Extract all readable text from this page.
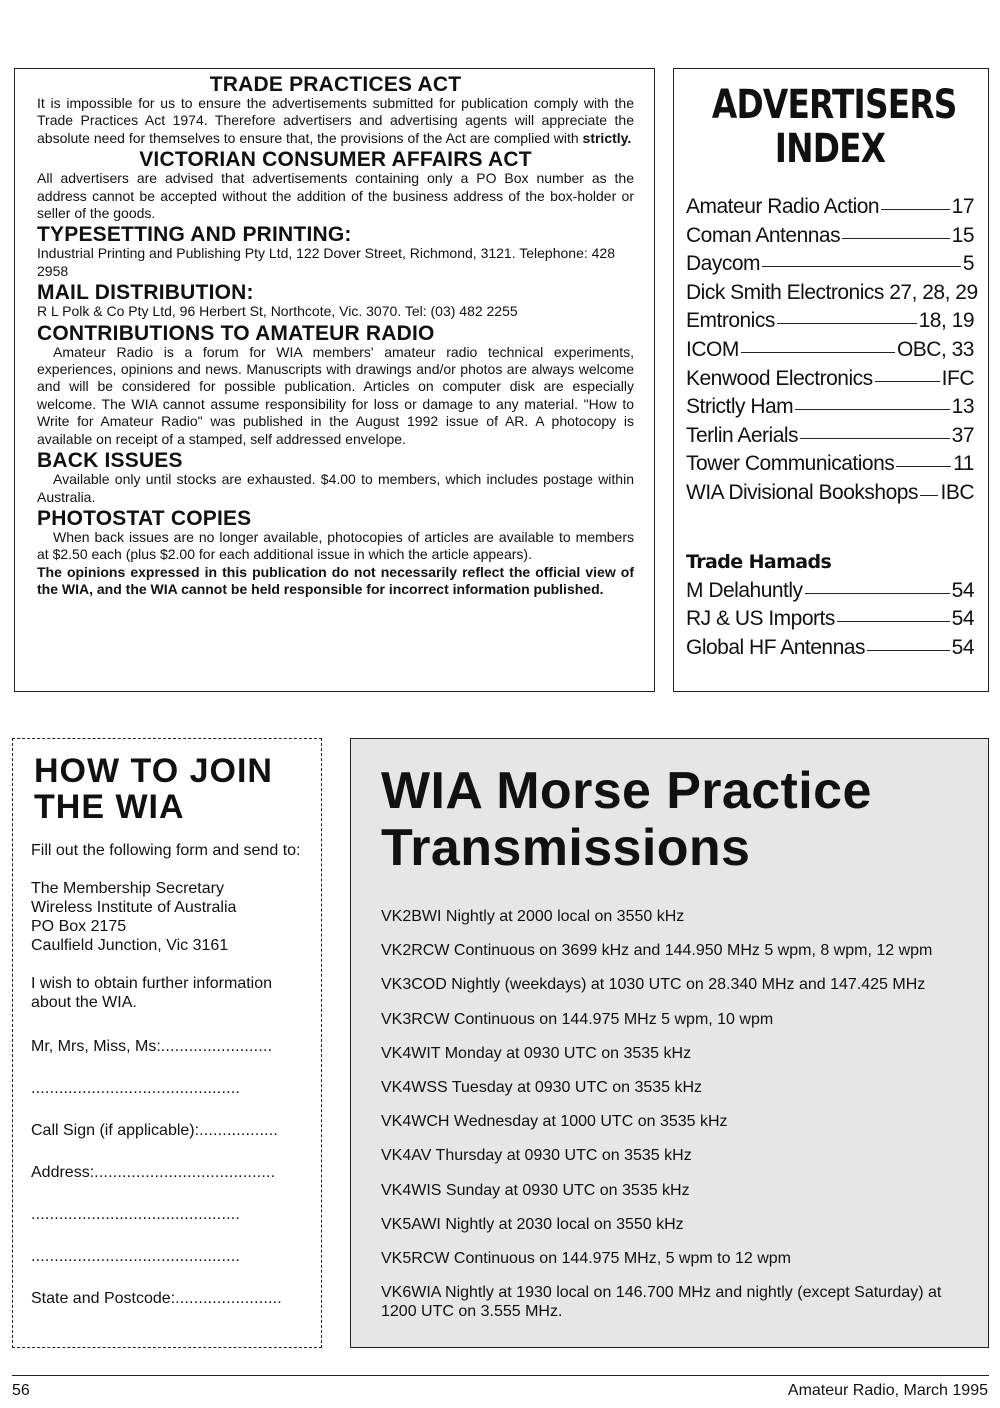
TRADE PRACTICES ACT

It is impossible for us to ensure the advertisements submitted for publication comply with the Trade Practices Act 1974. Therefore advertisers and advertising agents will appreciate the absolute need for themselves to ensure that, the provisions of the Act are complied with strictly.

VICTORIAN CONSUMER AFFAIRS ACT

All advertisers are advised that advertisements containing only a PO Box number as the address cannot be accepted without the addition of the business address of the box-holder or seller of the goods.

TYPESETTING AND PRINTING:

Industrial Printing and Publishing Pty Ltd, 122 Dover Street, Richmond, 3121. Telephone: 428 2958

MAIL DISTRIBUTION:

R L Polk & Co Pty Ltd, 96 Herbert St, Northcote, Vic. 3070. Tel: (03) 482 2255

CONTRIBUTIONS TO AMATEUR RADIO

Amateur Radio is a forum for WIA members' amateur radio technical experiments, experiences, opinions and news. Manuscripts with drawings and/or photos are always welcome and will be considered for possible publication. Articles on computer disk are especially welcome. The WIA cannot assume responsibility for loss or damage to any material. "How to Write for Amateur Radio" was published in the August 1992 issue of AR. A photocopy is available on receipt of a stamped, self addressed envelope.

BACK ISSUES

Available only until stocks are exhausted. $4.00 to members, which includes postage within Australia.

PHOTOSTAT COPIES

When back issues are no longer available, photocopies of articles are available to members at $2.50 each (plus $2.00 for each additional issue in which the article appears).

The opinions expressed in this publication do not necessarily reflect the official view of the WIA, and the WIA cannot be held responsible for incorrect information published.

ADVERTISERS
INDEX
Amateur Radio Action	17
Coman Antennas	15
Daycom	5
Dick Smith Electronics 27, 28, 29
Emtronics	18, 19
ICOM	OBC, 33
Kenwood Electronics	IFC
Strictly Ham	13
Terlin Aerials	37
Tower Communications	11
WIA Divisional Bookshops IBC
Trade Hamads
M Delahuntly	54
RJ & US Imports	54
Global HF Antennas	54
HOW TO JOIN
THE WIA

Fill out the following form and send to:

The Membership Secretary

Wireless Institute of Australia

PO Box 2175

Caulfield Junction, Vic 3161

I wish to obtain further information about the WIA.

Mr, Mrs, Miss, Ms:........................
.............................................
Call Sign (if applicable):.................
Address:.......................................
.............................................
.............................................
State and Postcode:.......................
WIA Morse Practice
Transmissions
VK2BWI Nightly at 2000 local on 3550 kHz
VK2RCW Continuous on 3699 kHz and 144.950 MHz 5 wpm, 8 wpm, 12 wpm
VK3COD Nightly (weekdays) at 1030 UTC on 28.340 MHz and 147.425 MHz
VK3RCW Continuous on 144.975 MHz 5 wpm, 10 wpm
VK4WIT Monday at 0930 UTC on 3535 kHz
VK4WSS Tuesday at 0930 UTC on 3535 kHz
VK4WCH Wednesday at 1000 UTC on 3535 kHz
VK4AV Thursday at 0930 UTC on 3535 kHz
VK4WIS Sunday at 0930 UTC on 3535 kHz
VK5AWI Nightly at 2030 local on 3550 kHz
VK5RCW Continuous on 144.975 MHz, 5 wpm to 12 wpm
VK6WIA Nightly at 1930 local on 146.700 MHz and nightly (except Saturday) at 1200 UTC on 3.555 MHz.
56	Amateur Radio, March 1995
